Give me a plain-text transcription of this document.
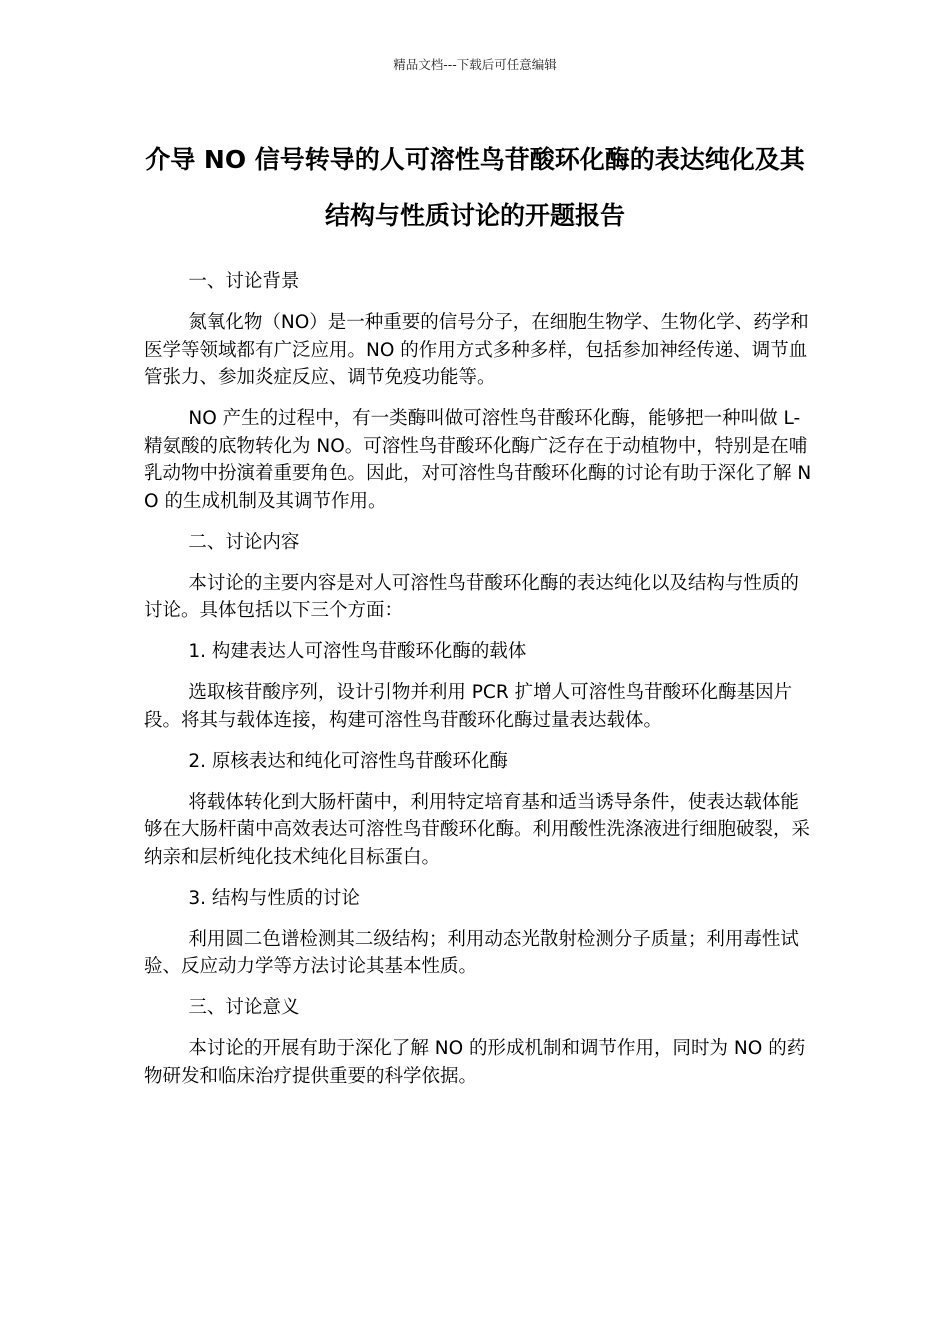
精品文档---下载后可任意编辑
介导 NO 信号转导的人可溶性鸟苷酸环化酶的表达纯化及其结构与性质讨论的开题报告

一、讨论背景

氮氧化物（NO）是一种重要的信号分子，在细胞生物学、生物化学、药学和医学等领域都有广泛应用。NO 的作用方式多种多样，包括参加神经传递、调节血管张力、参加炎症反应、调节免疫功能等。

NO 产生的过程中，有一类酶叫做可溶性鸟苷酸环化酶，能够把一种叫做 L-精氨酸的底物转化为 NO。可溶性鸟苷酸环化酶广泛存在于动植物中，特别是在哺乳动物中扮演着重要角色。因此，对可溶性鸟苷酸环化酶的讨论有助于深化了解 NO 的生成机制及其调节作用。

二、讨论内容

本讨论的主要内容是对人可溶性鸟苷酸环化酶的表达纯化以及结构与性质的讨论。具体包括以下三个方面：

1. 构建表达人可溶性鸟苷酸环化酶的载体

选取核苷酸序列，设计引物并利用 PCR 扩增人可溶性鸟苷酸环化酶基因片段。将其与载体连接，构建可溶性鸟苷酸环化酶过量表达载体。

2. 原核表达和纯化可溶性鸟苷酸环化酶

将载体转化到大肠杆菌中，利用特定培育基和适当诱导条件，使表达载体能够在大肠杆菌中高效表达可溶性鸟苷酸环化酶。利用酸性洗涤液进行细胞破裂，采纳亲和层析纯化技术纯化目标蛋白。

3. 结构与性质的讨论

利用圆二色谱检测其二级结构；利用动态光散射检测分子质量；利用毒性试验、反应动力学等方法讨论其基本性质。

三、讨论意义

本讨论的开展有助于深化了解 NO 的形成机制和调节作用，同时为 NO 的药物研发和临床治疗提供重要的科学依据。
